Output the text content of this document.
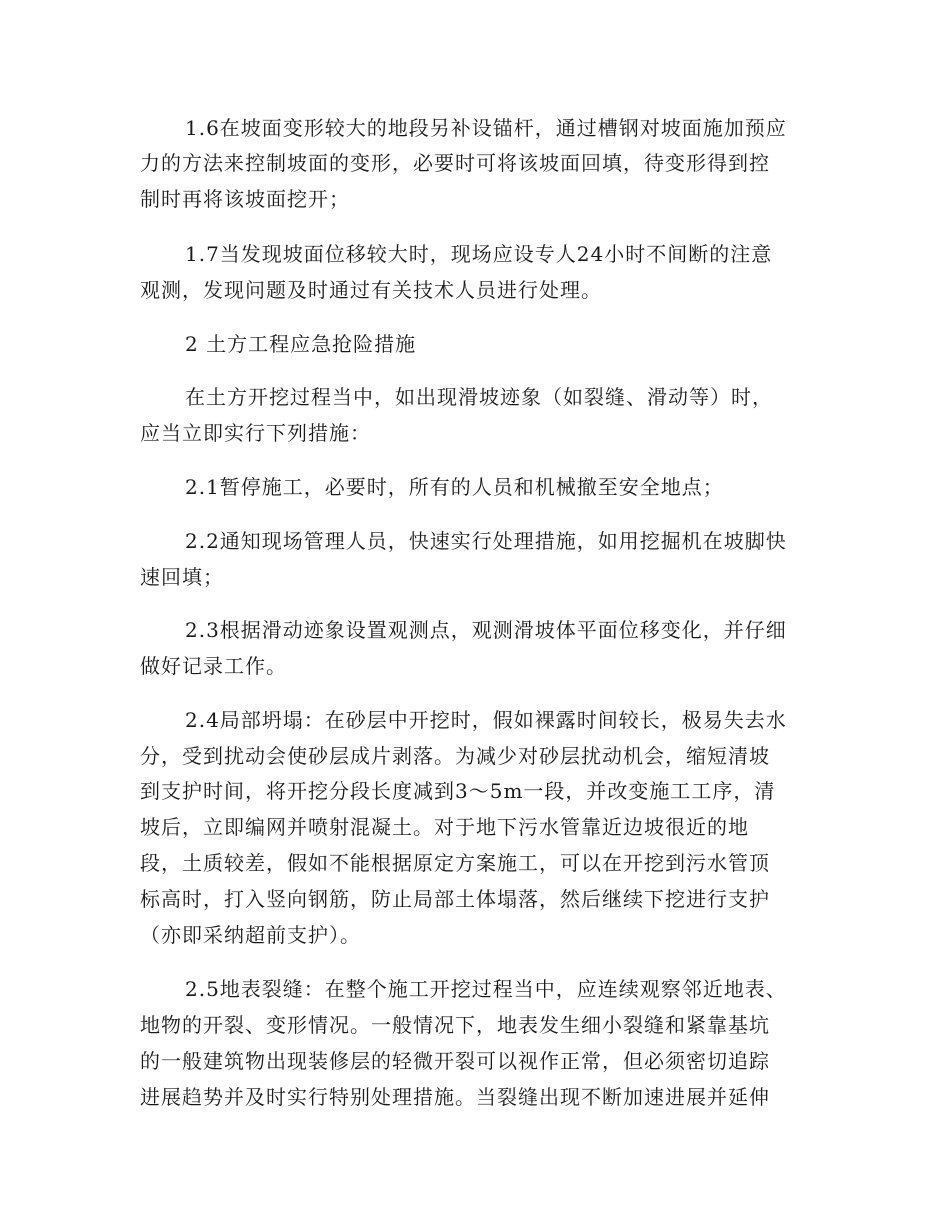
1.6在坡面变形较大的地段另补设锚杆，通过槽钢对坡面施加预应
力的方法来控制坡面的变形，必要时可将该坡面回填，待变形得到控
制时再将该坡面挖开；
1.7当发现坡面位移较大时，现场应设专人24小时不间断的注意
观测，发现问题及时通过有关技术人员进行处理。
2 土方工程应急抢险措施
在土方开挖过程当中，如出现滑坡迹象（如裂缝、滑动等）时，
应当立即实行下列措施：
2.1暂停施工，必要时，所有的人员和机械撤至安全地点；
2.2通知现场管理人员，快速实行处理措施，如用挖掘机在坡脚快
速回填；
2.3根据滑动迹象设置观测点，观测滑坡体平面位移变化，并仔细
做好记录工作。
2.4局部坍塌：在砂层中开挖时，假如裸露时间较长，极易失去水
分，受到扰动会使砂层成片剥落。为减少对砂层扰动机会，缩短清坡
到支护时间，将开挖分段长度减到3～5m一段，并改变施工工序，清
坡后，立即编网并喷射混凝土。对于地下污水管靠近边坡很近的地
段，土质较差，假如不能根据原定方案施工，可以在开挖到污水管顶
标高时，打入竖向钢筋，防止局部土体塌落，然后继续下挖进行支护
（亦即采纳超前支护）。
2.5地表裂缝：在整个施工开挖过程当中，应连续观察邻近地表、
地物的开裂、变形情况。一般情况下，地表发生细小裂缝和紧靠基坑
的一般建筑物出现装修层的轻微开裂可以视作正常，但必须密切追踪
进展趋势并及时实行特别处理措施。当裂缝出现不断加速进展并延伸
